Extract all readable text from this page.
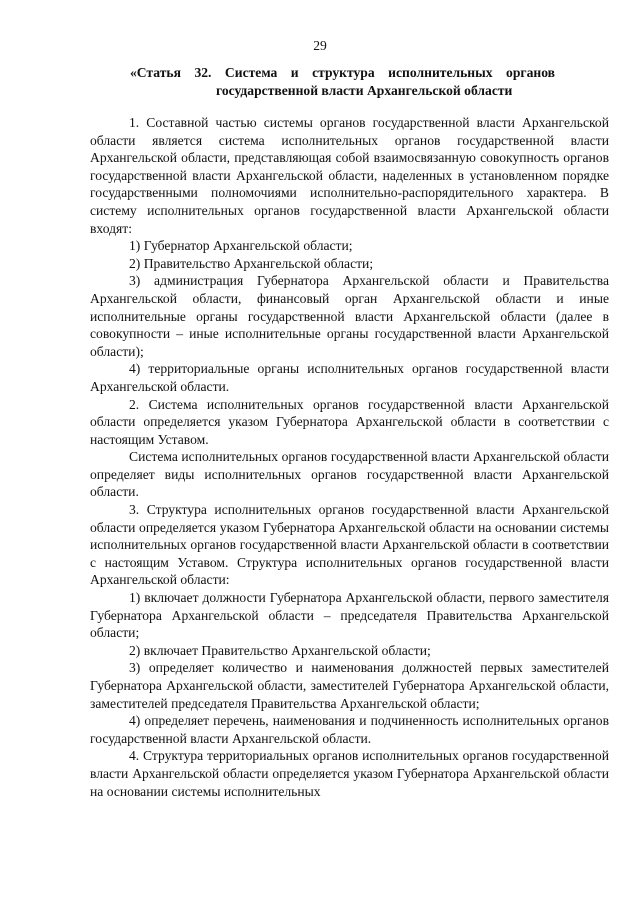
29
«Статья 32. Система и структура исполнительных органов
государственной власти Архангельской области

1. Составной частью системы органов государственной власти Архангельской области является система исполнительных органов государственной власти Архангельской области, представляющая собой взаимосвязанную совокупность органов государственной власти Архангельской области, наделенных в установленном порядке государственными полномочиями исполнительно-распорядительного характера. В систему исполнительных органов государственной власти Архангельской области входят:

1) Губернатор Архангельской области;

2) Правительство Архангельской области;

3) администрация Губернатора Архангельской области и Правительства Архангельской области, финансовый орган Архангельской области и иные исполнительные органы государственной власти Архангельской области (далее в совокупности – иные исполнительные органы государственной власти Архангельской области);

4) территориальные органы исполнительных органов государственной власти Архангельской области.

2. Система исполнительных органов государственной власти Архангельской области определяется указом Губернатора Архангельской области в соответствии с настоящим Уставом.

Система исполнительных органов государственной власти Архангельской области определяет виды исполнительных органов государственной власти Архангельской области.

3. Структура исполнительных органов государственной власти Архангельской области определяется указом Губернатора Архангельской области на основании системы исполнительных органов государственной власти Архангельской области в соответствии с настоящим Уставом. Структура исполнительных органов государственной власти Архангельской области:

1) включает должности Губернатора Архангельской области, первого заместителя Губернатора Архангельской области – председателя Правительства Архангельской области;

2) включает Правительство Архангельской области;

3) определяет количество и наименования должностей первых заместителей Губернатора Архангельской области, заместителей Губернатора Архангельской области, заместителей председателя Правительства Архангельской области;

4) определяет перечень, наименования и подчиненность исполнительных органов государственной власти Архангельской области.

4. Структура территориальных органов исполнительных органов государственной власти Архангельской области определяется указом Губернатора Архангельской области на основании системы исполнительных
